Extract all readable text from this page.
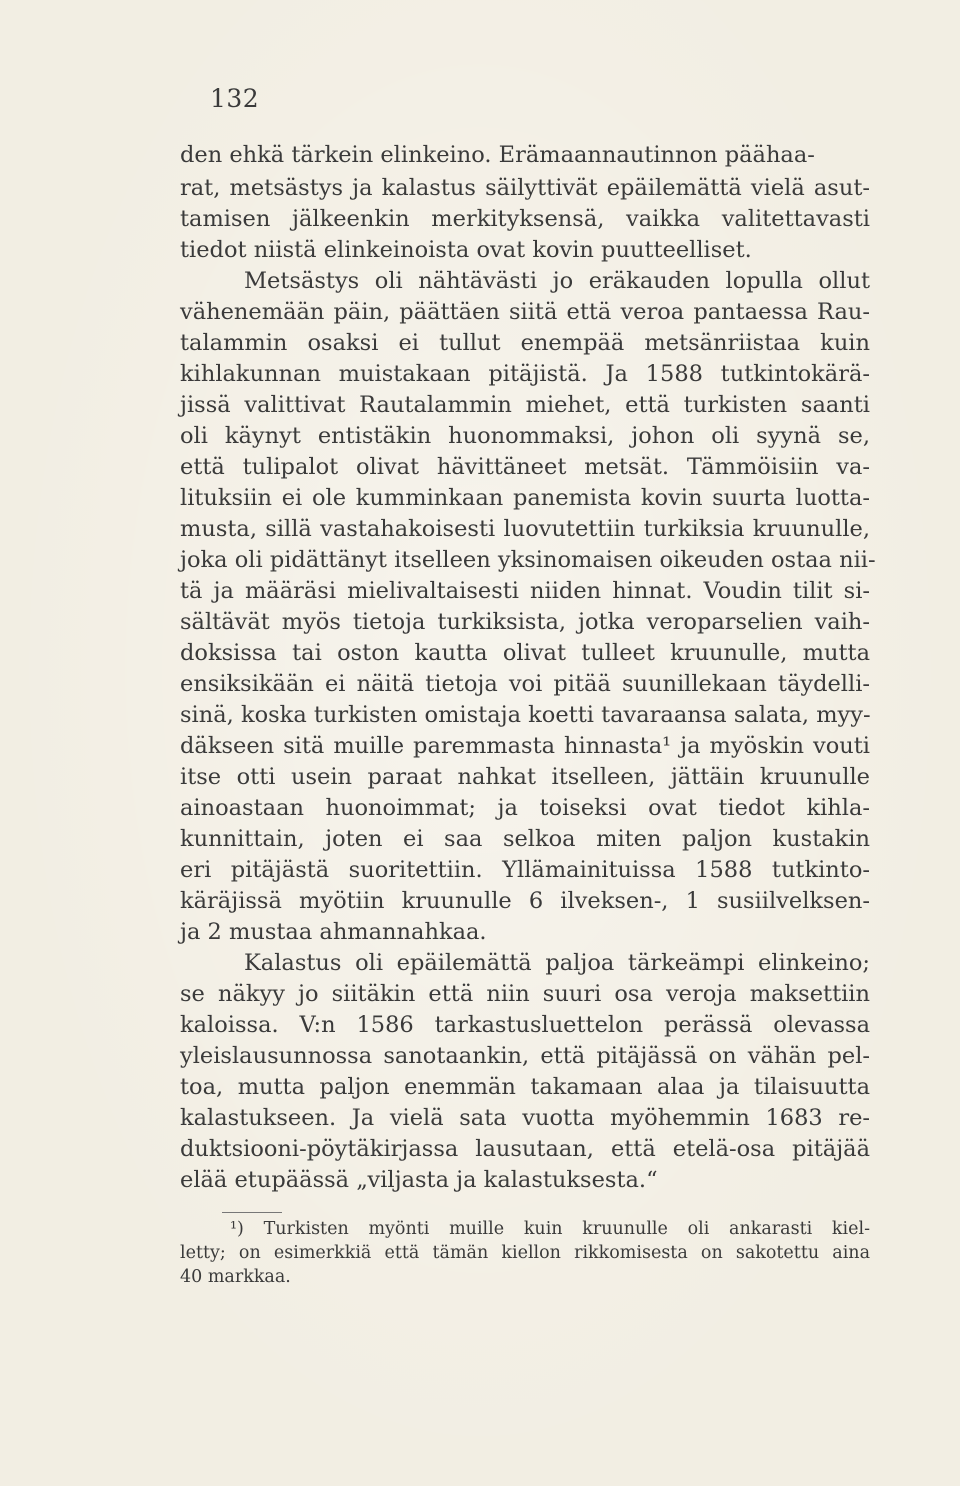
132
den ehkä tärkein elinkeino. Erämaannautinnon päähaa-
rat, metsästys ja kalastus säilyttivät epäilemättä vielä asut-
tamisen jälkeenkin merkityksensä, vaikka valitettavasti
tiedot niistä elinkeinoista ovat kovin puutteelliset.
Metsästys oli nähtävästi jo eräkauden lopulla ollut
vähenemään päin, päättäen siitä että veroa pantaessa Rau-
talammin osaksi ei tullut enempää metsänriistaa kuin
kihlakunnan muistakaan pitäjistä. Ja 1588 tutkintokärä-
jissä valittivat Rautalammin miehet, että turkisten saanti
oli käynyt entistäkin huonommaksi, johon oli syynä se,
että tulipalot olivat hävittäneet metsät. Tämmöisiin va-
lituksiin ei ole kumminkaan panemista kovin suurta luotta-
musta, sillä vastahakoisesti luovutettiin turkiksia kruunulle,
joka oli pidättänyt itselleen yksinomaisen oikeuden ostaa nii-
tä ja määräsi mielivaltaisesti niiden hinnat. Voudin tilit si-
sältävät myös tietoja turkiksista, jotka veroparselien vaih-
doksissa tai oston kautta olivat tulleet kruunulle, mutta
ensiksikään ei näitä tietoja voi pitää suunillekaan täydelli-
sinä, koska turkisten omistaja koetti tavaraansa salata, myy-
däkseen sitä muille paremmasta hinnasta¹ ja myöskin vouti
itse otti usein paraat nahkat itselleen, jättäin kruunulle
ainoastaan huonoimmat; ja toiseksi ovat tiedot kihla-
kunnittain, joten ei saa selkoa miten paljon kustakin
eri pitäjästä suoritettiin. Yllämainituissa 1588 tutkinto-
käräjissä myötiin kruunulle 6 ilveksen-, 1 susiilvelksen-
ja 2 mustaa ahmannahkaa.
Kalastus oli epäilemättä paljoa tärkeämpi elinkeino;
se näkyy jo siitäkin että niin suuri osa veroja maksettiin
kaloissa. V:n 1586 tarkastusluettelon perässä olevassa
yleislausunnossa sanotaankin, että pitäjässä on vähän pel-
toa, mutta paljon enemmän takamaan alaa ja tilaisuutta
kalastukseen. Ja vielä sata vuotta myöhemmin 1683 re-
duktsiooni-pöytäkirjassa lausutaan, että etelä-osa pitäjää
elää etupäässä „viljasta ja kalastuksesta.“
¹) Turkisten myönti muille kuin kruunulle oli ankarasti kiel-
letty; on esimerkkiä että tämän kiellon rikkomisesta on sakotettu aina
40 markkaa.
